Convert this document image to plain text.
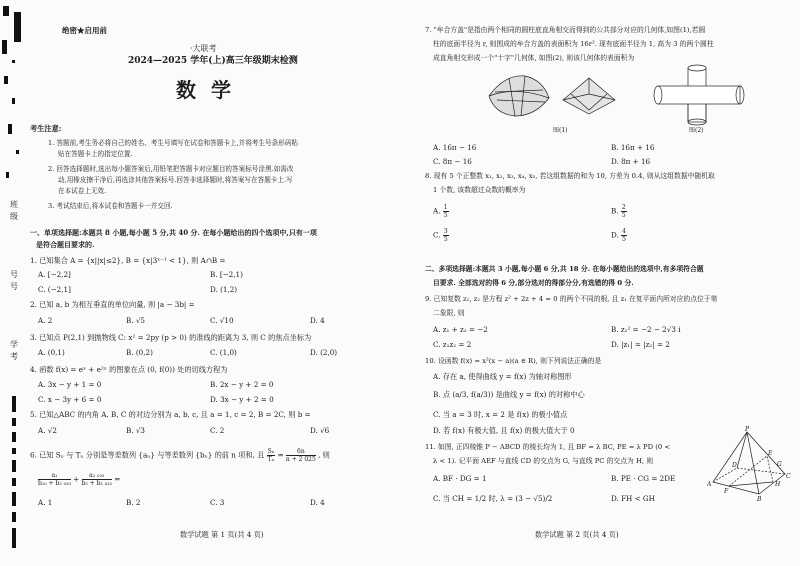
班
级
号
号
学
考
绝密★启用前
·大联考
2024—2025 学年(上)高三年级期末检测
数 学
考生注意:
1. 答题前,考生务必将自己的姓名、考生号填写在试卷和答题卡上,并将考生号条形码粘
贴在答题卡上的指定位置.
2. 回答选择题时,选出每小题答案后,用铅笔把答题卡对应题目的答案标号涂黑.如需改
动,用橡皮擦干净后,再选涂其他答案标号.回答非选择题时,将答案写在答题卡上.写
在本试卷上无效.
3. 考试结束后,将本试卷和答题卡一并交回.
一、单项选择题:本题共 8 小题,每小题 5 分,共 40 分. 在每小题给出的四个选项中,只有一项
是符合题目要求的.
1. 已知集合 A = {x||x|≤2}, B = {x|3ˣ⁻¹ < 1}, 则 A∩B =
A. [−2,2]	B. [−2,1)
C. (−2,1]	D. (1,2)
2. 已知 a, b 为相互垂直的单位向量, 则 |a − 3b| =
A. 2	B. √5	C. √10	D. 4
3. 已知点 P(2,1) 到抛物线 C: x² = 2py (p > 0) 的准线的距离为 3, 则 C 的焦点坐标为
A. (0,1)	B. (0,2)	C. (1,0)	D. (2,0)
4. 函数 f(x) = eˣ + e²ˣ 的图象在点 (0, f(0)) 处的切线方程为
A. 3x − y + 1 = 0	B. 2x − y + 2 = 0
C. x − 3y + 6 = 0	D. 3x − y + 2 = 0
5. 已知△ABC 的内角 A, B, C 的对边分别为 a, b, c, 且 a = 1, c = 2, B = 2C, 则 b =
A. √2	B. √3	C. 2	D. √6
6. 已知 Sₙ 与 Tₙ 分别是等差数列 {aₙ} 与等差数列 {bₙ} 的前 n 项和, 且 $\frac{\text{Sₙ}}{\text{Tₙ}} = \frac{6n}{n + 2 025}$ , 则
$\frac{\text{a₁}}{\text{b₁₀ + b₂ ₀₂₀}} + \frac{\text{a₂ ₀₂₅}}{\text{b₅ + b₂ ₀₂₂}}$ =
A. 1	B. 2	C. 3	D. 4
数学试题 第 1 页(共 4 页)
7. "牟合方盖"是指由两个相同的圆柱底直角相交而得到的公共部分对应的几何体,如图(1),若圆
柱的底面半径为 r, 则围成的牟合方盖的表面积为 16r². 现有底面半径为 1, 高为 3 的两个圆柱
成直角相交形成一个"十字"几何体, 如图(2), 则该几何体的表面积为
图(1)	图(2)
A. 16π − 16	B. 16π + 16
C. 8π − 16	D. 8π + 16
8. 现有 5 个正整数 x₁, x₂, x₃, x₄, x₅, 若这组数据的和为 10, 方差为 0.4, 则从这组数据中随机取
1 个数, 该数超过众数的概率为
A. $\frac{1}{5}$	B. $\frac{2}{5}$
C. $\frac{3}{5}$	D. $\frac{4}{5}$
二、多项选择题:本题共 3 小题,每小题 6 分,共 18 分. 在每小题给出的选项中,有多项符合题
目要求. 全部选对的得 6 分,部分选对的得部分分,有选错的得 0 分.
9. 已知复数 z₁, z₂ 是方程 z² + 2z + 4 = 0 的两个不同的根, 且 z₁ 在复平面内所对应的点位于第
二象限, 则
A. z₁ + z₂ = −2	B. z₁² = −2 − 2√3 i
C. z₁z₂ = 2	D. |z₁| = |z₂| = 2
10. 设函数 f(x) = x²(x − a)(a ∈ R), 则下列说法正确的是
A. 存在 a, 使得曲线 y = f(x) 为轴对称图形
B. 点 (a/3, f(a/3)) 是曲线 y = f(x) 的对称中心
C. 当 a = 3 时, x = 2 是 f(x) 的极小值点
D. 若 f(x) 有极大值, 且 f(x) 的极大值大于 0
11. 如图, 正四棱锥 P − ABCD 的棱长均为 1, 且 BF = λ BC, PE = λ PD (0 <
λ < 1). 记平面 AEF 与直线 CD 的交点为 G, 与直线 PC 的交点为 H, 则
A. BF · DG = 1	B. PE · CG = 2DE
C. 当 CH = 1/2 时, λ = (3 − √5)/2	D. FH < GH
P
A
B
C
D
E
F
H
G
数学试题 第 2 页(共 4 页)
